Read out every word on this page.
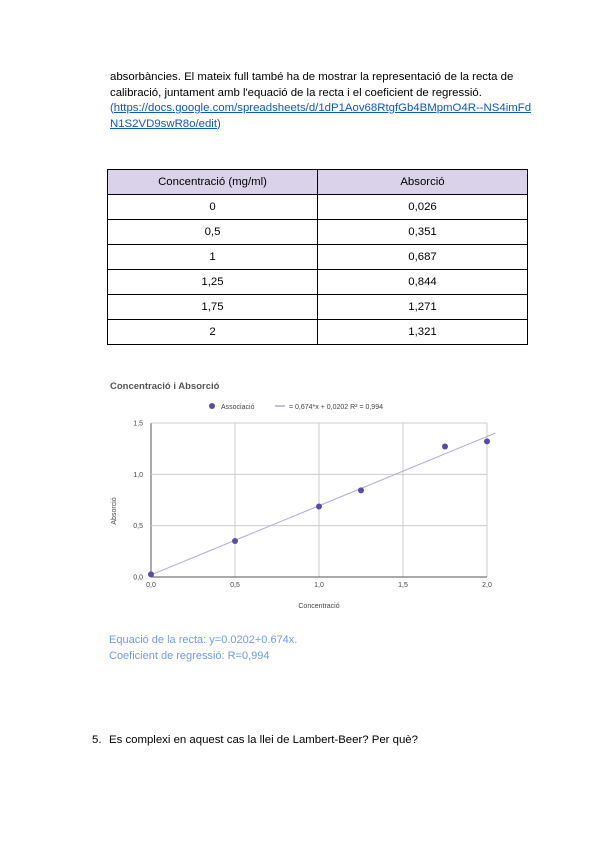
absorbàncies. El mateix full també ha de mostrar la representació de la recta de calibració, juntament amb l'equació de la recta i el coeficient de regressió.
(https://docs.google.com/spreadsheets/d/1dP1Aov68RtgfGb4BMpmO4R--NS4imFdN1S2VD9swR8o/edit)
Concentració (mg/ml)	Absorció
0	0,026
0,5	0,351
1	0,687
1,25	0,844
1,75	1,271
2	1,321
Concentració i Absorció
0,0	0,5	1,0	1,5	2,0
0,0
0,5
1,0
1,5
Associació	= 0,674*x + 0,0202 R² = 0,994
Concentració
Absorció
Equació de la recta: y=0.0202+0.674x.
Coeficient de regressió: R=0,994
5. Es complexi en aquest cas la llei de Lambert-Beer? Per què?
